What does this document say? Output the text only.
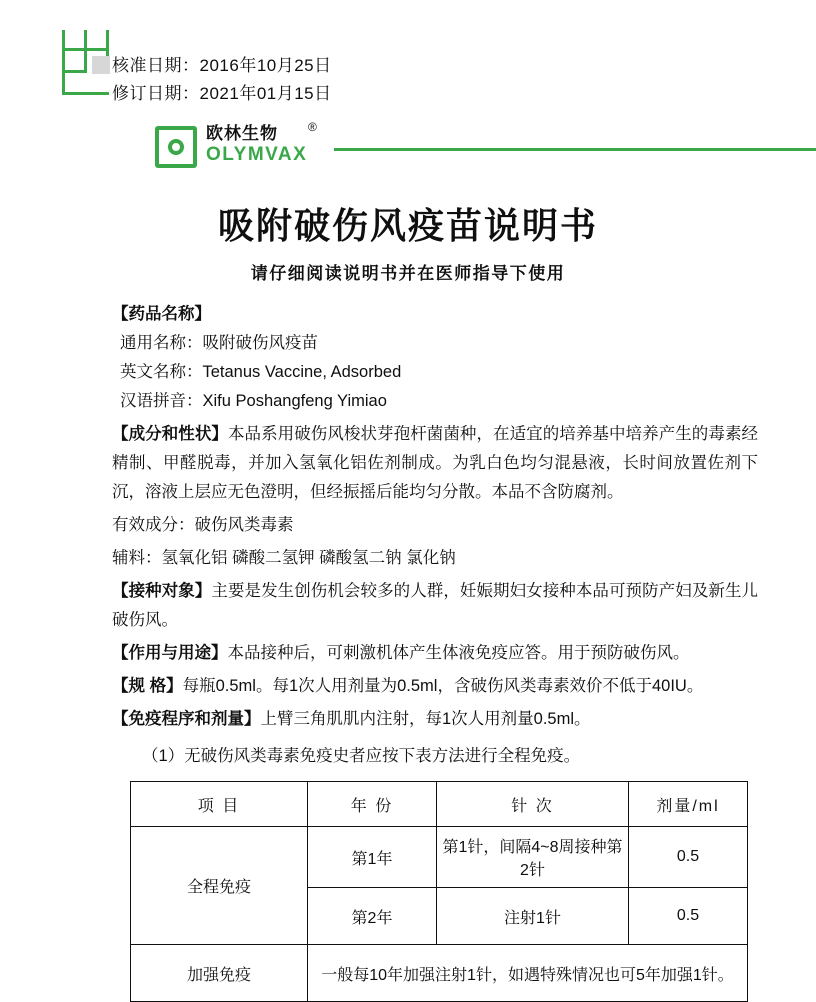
核准日期：2016年10月25日
修订日期：2021年01月15日
欧林生物
OLYMVAX
®
吸附破伤风疫苗说明书
请仔细阅读说明书并在医师指导下使用
【药品名称】
通用名称：吸附破伤风疫苗
英文名称：Tetanus Vaccine, Adsorbed
汉语拼音：Xifu Poshangfeng Yimiao
【成分和性状】本品系用破伤风梭状芽孢杆菌菌种，在适宜的培养基中培养产生的毒素经精制、甲醛脱毒，并加入氢氧化铝佐剂制成。为乳白色均匀混悬液，长时间放置佐剂下沉，溶液上层应无色澄明，但经振摇后能均匀分散。本品不含防腐剂。
有效成分：破伤风类毒素
辅料：氢氧化铝 磷酸二氢钾 磷酸氢二钠 氯化钠
【接种对象】主要是发生创伤机会较多的人群，妊娠期妇女接种本品可预防产妇及新生儿破伤风。
【作用与用途】本品接种后，可刺激机体产生体液免疫应答。用于预防破伤风。
【规 格】每瓶0.5ml。每1次人用剂量为0.5ml，含破伤风类毒素效价不低于40IU。
【免疫程序和剂量】上臂三角肌肌内注射，每1次人用剂量0.5ml。
（1）无破伤风类毒素免疫史者应按下表方法进行全程免疫。
项 目	年 份	针 次	剂量/ml
全程免疫	第1年	第1针，间隔4~8周接种第2针	0.5
	第2年	注射1针	0.5
加强免疫	一般每10年加强注射1针，如遇特殊情况也可5年加强1针。		
